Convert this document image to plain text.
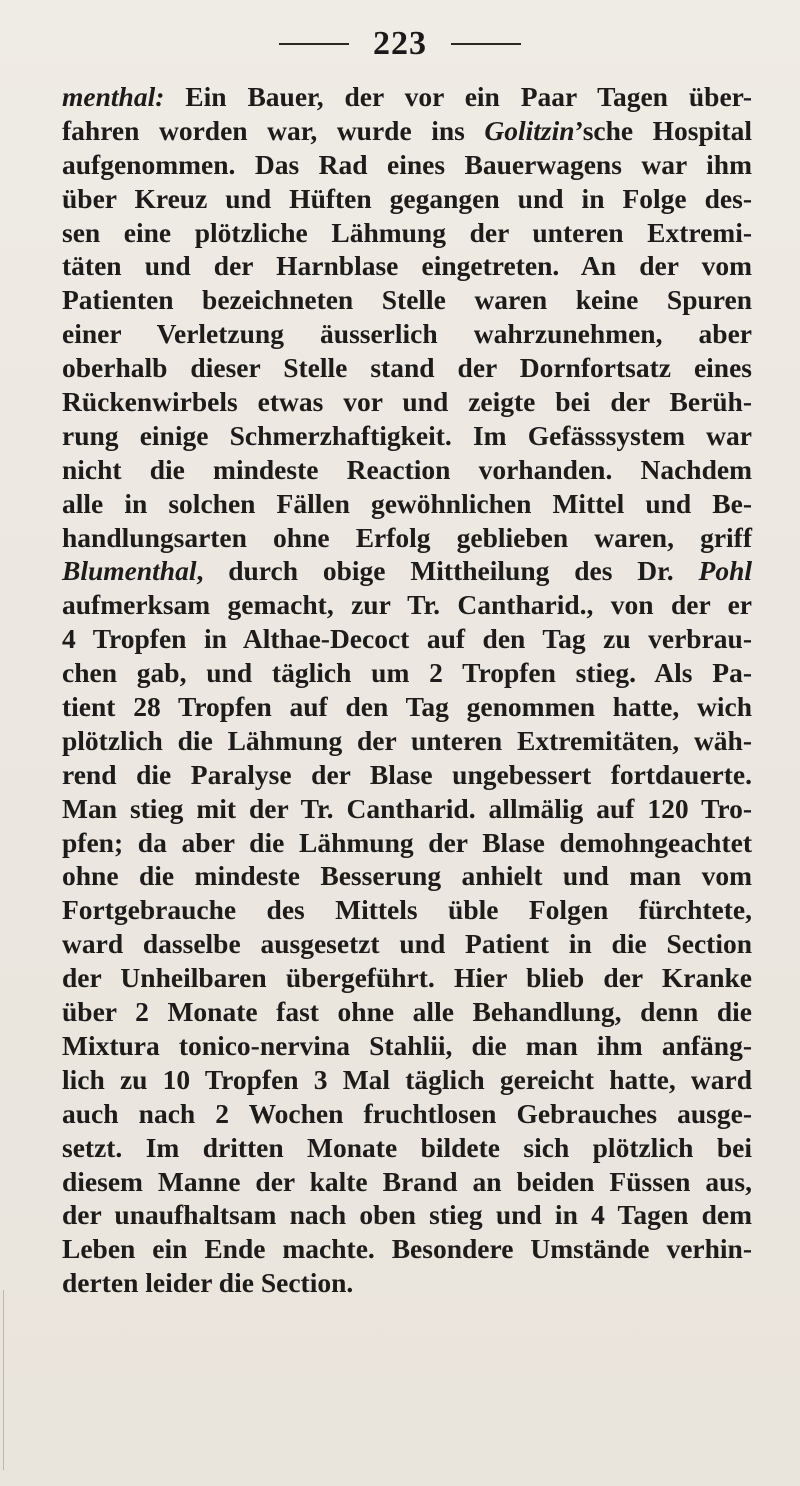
223
menthal: Ein Bauer, der vor ein Paar Tagen über-
fahren worden war, wurde ins Golitzin’sche Hospital
aufgenommen. Das Rad eines Bauerwagens war ihm
über Kreuz und Hüften gegangen und in Folge des-
sen eine plötzliche Lähmung der unteren Extremi-
täten und der Harnblase eingetreten. An der vom
Patienten bezeichneten Stelle waren keine Spuren
einer Verletzung äusserlich wahrzunehmen, aber
oberhalb dieser Stelle stand der Dornfortsatz eines
Rückenwirbels etwas vor und zeigte bei der Berüh-
rung einige Schmerzhaftigkeit. Im Gefässsystem war
nicht die mindeste Reaction vorhanden. Nachdem
alle in solchen Fällen gewöhnlichen Mittel und Be-
handlungsarten ohne Erfolg geblieben waren, griff
Blumenthal, durch obige Mittheilung des Dr. Pohl
aufmerksam gemacht, zur Tr. Cantharid., von der er
4 Tropfen in Althae-Decoct auf den Tag zu verbrau-
chen gab, und täglich um 2 Tropfen stieg. Als Pa-
tient 28 Tropfen auf den Tag genommen hatte, wich
plötzlich die Lähmung der unteren Extremitäten, wäh-
rend die Paralyse der Blase ungebessert fortdauerte.
Man stieg mit der Tr. Cantharid. allmälig auf 120 Tro-
pfen; da aber die Lähmung der Blase demohngeachtet
ohne die mindeste Besserung anhielt und man vom
Fortgebrauche des Mittels üble Folgen fürchtete,
ward dasselbe ausgesetzt und Patient in die Section
der Unheilbaren übergeführt. Hier blieb der Kranke
über 2 Monate fast ohne alle Behandlung, denn die
Mixtura tonico-nervina Stahlii, die man ihm anfäng-
lich zu 10 Tropfen 3 Mal täglich gereicht hatte, ward
auch nach 2 Wochen fruchtlosen Gebrauches ausge-
setzt. Im dritten Monate bildete sich plötzlich bei
diesem Manne der kalte Brand an beiden Füssen aus,
der unaufhaltsam nach oben stieg und in 4 Tagen dem
Leben ein Ende machte. Besondere Umstände verhin-
derten leider die Section.
